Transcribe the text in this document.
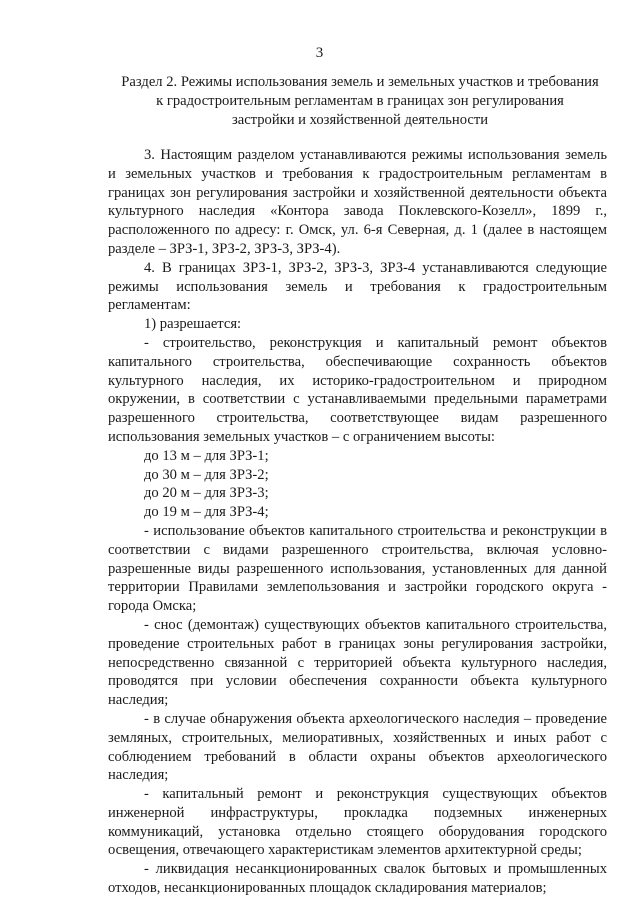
3
Раздел 2. Режимы использования земель и земельных участков и требования
к градостроительным регламентам в границах зон регулирования
застройки и хозяйственной деятельности

3. Настоящим разделом устанавливаются режимы использования земель и земельных участков и требования к градостроительным регламентам в границах зон регулирования застройки и хозяйственной деятельности объекта культурного наследия «Контора завода Поклевского-Козелл», 1899 г., расположенного по адресу: г. Омск, ул. 6-я Северная, д. 1 (далее в настоящем разделе – ЗРЗ-1, ЗРЗ-2, ЗРЗ-3, ЗРЗ-4).

4. В границах ЗРЗ-1, ЗРЗ-2, ЗРЗ-3, ЗРЗ-4 устанавливаются следующие режимы использования земель и требования к градостроительным регламентам:

1) разрешается:

- строительство, реконструкция и капитальный ремонт объектов капитального строительства, обеспечивающие сохранность объектов культурного наследия, их историко-градостроительном и природном окружении, в соответствии с устанавливаемыми предельными параметрами разрешенного строительства, соответствующее видам разрешенного использования земельных участков – с ограничением высоты:

до 13 м – для ЗРЗ-1;

до 30 м – для ЗРЗ-2;

до 20 м – для ЗРЗ-3;

до 19 м – для ЗРЗ-4;

- использование объектов капитального строительства и реконструкции в соответствии с видами разрешенного строительства, включая условно-разрешенные виды разрешенного использования, установленных для данной территории Правилами землепользования и застройки городского округа - города Омска;

- снос (демонтаж) существующих объектов капитального строительства, проведение строительных работ в границах зоны регулирования застройки, непосредственно связанной с территорией объекта культурного наследия, проводятся при условии обеспечения сохранности объекта культурного наследия;

- в случае обнаружения объекта археологического наследия – проведение земляных, строительных, мелиоративных, хозяйственных и иных работ с соблюдением требований в области охраны объектов археологического наследия;

- капитальный ремонт и реконструкция существующих объектов инженерной инфраструктуры, прокладка подземных инженерных коммуникаций, установка отдельно стоящего оборудования городского освещения, отвечающего характеристикам элементов архитектурной среды;

- ликвидация несанкционированных свалок бытовых и промышленных отходов, несанкционированных площадок складирования материалов;
